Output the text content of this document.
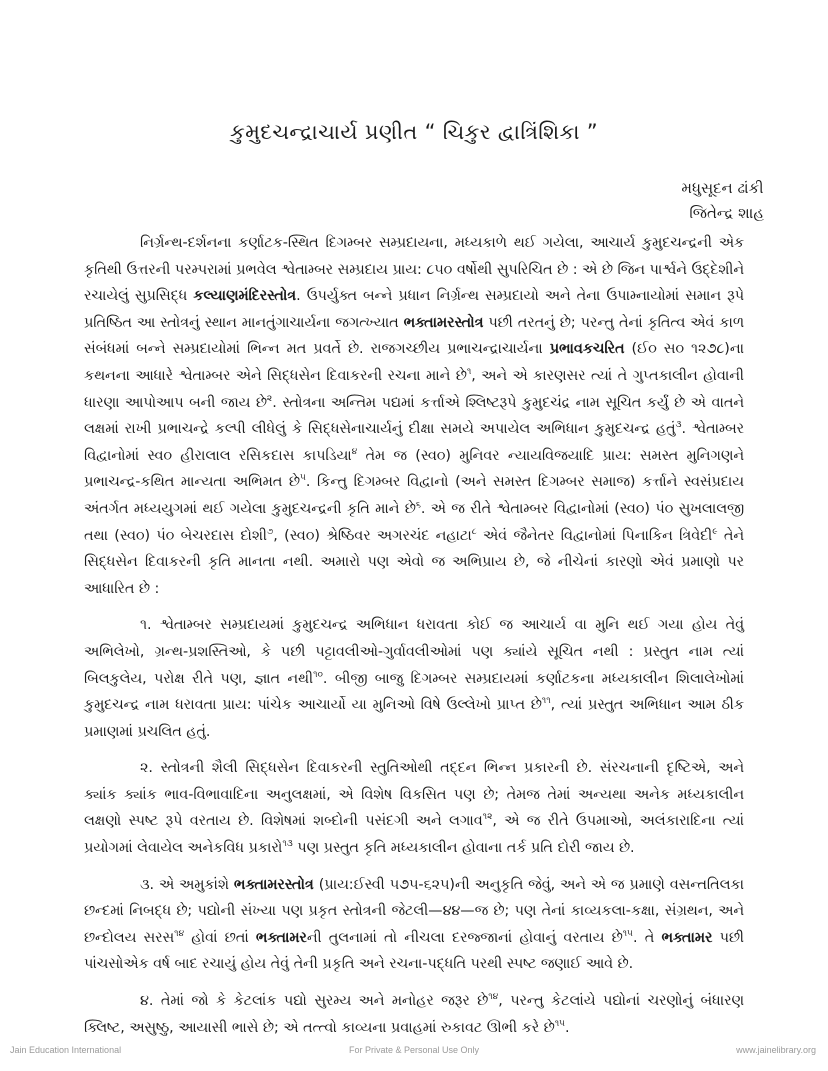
કુમુદચન્દ્રાચાર્ય પ્રણીત “ ચિકુર દ્વાત્રિંશિકા ”
મધુસૂદન ઢાંકી
જિતેન્દ્ર શાહ

નિર્ગ્રન્થ-દર્શનના કર્ણાટક-સ્થિત દિગમ્બર સમ્પ્રદાયના, મધ્યકાળે થઈ ગયેલા, આચાર્ય કુમુદચન્દ્રની એક કૃતિથી ઉત્તરની પરમ્પરામાં પ્રભવેલ શ્વેતામ્બર સમ્પ્રદાય પ્રાય: ૮૫૦ વર્ષોથી સુપરિચિત છે : એ છે જિન પાર્શ્વને ઉદ્દેશીને રચાયેલું સુપ્રસિદ્ધ કલ્યાણમંદિરસ્તોત્ર. ઉપર્યુક્ત બન્ને પ્રધાન નિર્ગ્રન્થ સમ્પ્રદાયો અને તેના ઉપામ્નાયોમાં સમાન રૂપે પ્રતિષ્ઠિત આ સ્તોત્રનું સ્થાન માનતુંગાચાર્યના જગત્ખ્યાત ભક્તામરસ્તોત્ર પછી તરતનું છે; પરન્તુ તેનાં કૃતિત્વ એવં કાળ સંબંધમાં બન્ને સમ્પ્રદાયોમાં ભિન્ન મત પ્રવર્તે છે. રાજગચ્છીય પ્રભાચન્દ્રાચાર્યના પ્રભાવકચરિત (ઈ૦ સ૦ ૧૨૭૮)ના કથનના આધારે શ્વેતામ્બર એને સિદ્ધસેન દિવાકરની રચના માને છે$^૧$, અને એ કારણસર ત્યાં તે ગુપ્તકાલીન હોવાની ધારણા આપોઆપ બની જાય છે$^૨$. સ્તોત્રના અન્તિમ પદ્યમાં કર્ત્તાએ શ્લિષ્ટરૂપે કુમુદચંદ્ર નામ સૂચિત કર્યું છે એ વાતને લક્ષમાં રાખી પ્રભાચન્દ્રે કલ્પી લીધેલું કે સિદ્ધસેનાચાર્યનું દીક્ષા સમયે અપાયેલ અભિધાન કુમુદચન્દ્ર હતું$^૩$. શ્વેતામ્બર વિદ્વાનોમાં સ્વ૦ હીરાલાલ રસિકદાસ કાપડિયા$^૪$ તેમ જ (સ્વ૦) મુનિવર ન્યાયવિજયાદિ પ્રાય: સમસ્ત મુનિગણને પ્રભાચન્દ્ર-કથિત માન્યતા અભિમત છે$^૫$. કિન્તુ દિગમ્બર વિદ્વાનો (અને સમસ્ત દિગમ્બર સમાજ) કર્ત્તાને સ્વસંપ્રદાય અંતર્ગત મધ્યયુગમાં થઈ ગયેલા કુમુદચન્દ્રની કૃતિ માને છે$^૬$. એ જ રીતે શ્વેતામ્બર વિદ્વાનોમાં (સ્વ૦) પં૦ સુખલાલજી તથા (સ્વ૦) પં૦ બેચરદાસ દોશી$^૭$, (સ્વ૦) શ્રેષ્ઠિવર અગરચંદ નહાટા$^૮$ એવં જૈનેતર વિદ્વાનોમાં પિનાકિન ત્રિવેદી$^૯$ તેને સિદ્ધસેન દિવાકરની કૃતિ માનતા નથી. અમારો પણ એવો જ અભિપ્રાય છે, જે નીચેનાં કારણો એવં પ્રમાણો પર આધારિત છે :

૧. શ્વેતામ્બર સમ્પ્રદાયમાં કુમુદચન્દ્ર અભિધાન ધરાવતા કોઈ જ આચાર્ય વા મુનિ થઈ ગયા હોય તેવું અભિલેખો, ગ્રન્થ-પ્રશસ્તિઓ, કે પછી પટ્ટાવલીઓ-ગુર્વાવલીઓમાં પણ ક્યાંયે સૂચિત નથી : પ્રસ્તુત નામ ત્યાં બિલકુલેય, પરોક્ષ રીતે પણ, જ્ઞાત નથી$^{૧૦}$. બીજી બાજુ દિગમ્બર સમ્પ્રદાયમાં કર્ણાટકના મધ્યકાલીન શિલાલેખોમાં કુમુદચન્દ્ર નામ ધરાવતા પ્રાય: પાંચેક આચાર્યો યા મુનિઓ વિષે ઉલ્લેખો પ્રાપ્ત છે$^{૧૧}$, ત્યાં પ્રસ્તુત અભિધાન આમ ઠીક પ્રમાણમાં પ્રચલિત હતું.

૨. સ્તોત્રની શૈલી સિદ્ધસેન દિવાકરની સ્તુતિઓથી તદ્દન ભિન્ન પ્રકારની છે. સંરચનાની દૃષ્ટિએ, અને ક્યાંક ક્યાંક ભાવ-વિભાવાદિના અનુલક્ષમાં, એ વિશેષ વિકસિત પણ છે; તેમજ તેમાં અન્યથા અનેક મધ્યકાલીન લક્ષણો સ્પષ્ટ રૂપે વરતાય છે. વિશેષમાં શબ્દોની પસંદગી અને લગાવ$^{૧૨}$, એ જ રીતે ઉપમાઓ, અલંકારાદિના ત્યાં પ્રયોગમાં લેવાયેલ અનેકવિધ પ્રકારો$^{૧૩}$ પણ પ્રસ્તુત કૃતિ મધ્યકાલીન હોવાના તર્ક પ્રતિ દોરી જાય છે.

૩. એ અમુકાંશે ભક્તામરસ્તોત્ર (પ્રાય:ઈસ્વી ૫૭૫-૬૨૫)ની અનુકૃતિ જેવું, અને એ જ પ્રમાણે વસન્તતિલકા છન્દમાં નિબદ્ધ છે; પદ્યોની સંખ્યા પણ પ્રકૃત સ્તોત્રની જેટલી—૪૪—જ છે; પણ તેનાં કાવ્યકલા-કક્ષા, સંગ્રથન, અને છન્દોલય સરસ$^{૧૪}$ હોવાં છતાં ભક્તામરની તુલનામાં તો નીચલા દરજ્જાનાં હોવાનું વરતાય છે$^{૧૫}$. તે ભક્તામર પછી પાંચસોએક વર્ષ બાદ રચાયું હોય તેવું તેની પ્રકૃતિ અને રચના-પદ્ધતિ પરથી સ્પષ્ટ જણાઈ આવે છે.

૪. તેમાં જો કે કેટલાંક પદ્યો સુરમ્ય અને મનોહર જરૂર છે$^{૧૪}$, પરન્તુ કેટલાંયે પદ્યોનાં ચરણોનું બંધારણ ક્લિષ્ટ, અસુષ્ઠુ, આયાસી ભાસે છે; એ તત્ત્વો કાવ્યના પ્રવાહમાં રુકાવટ ઊભી કરે છે$^{૧૫}$.

Jain Education International	For Private & Personal Use Only	www.jainelibrary.org
